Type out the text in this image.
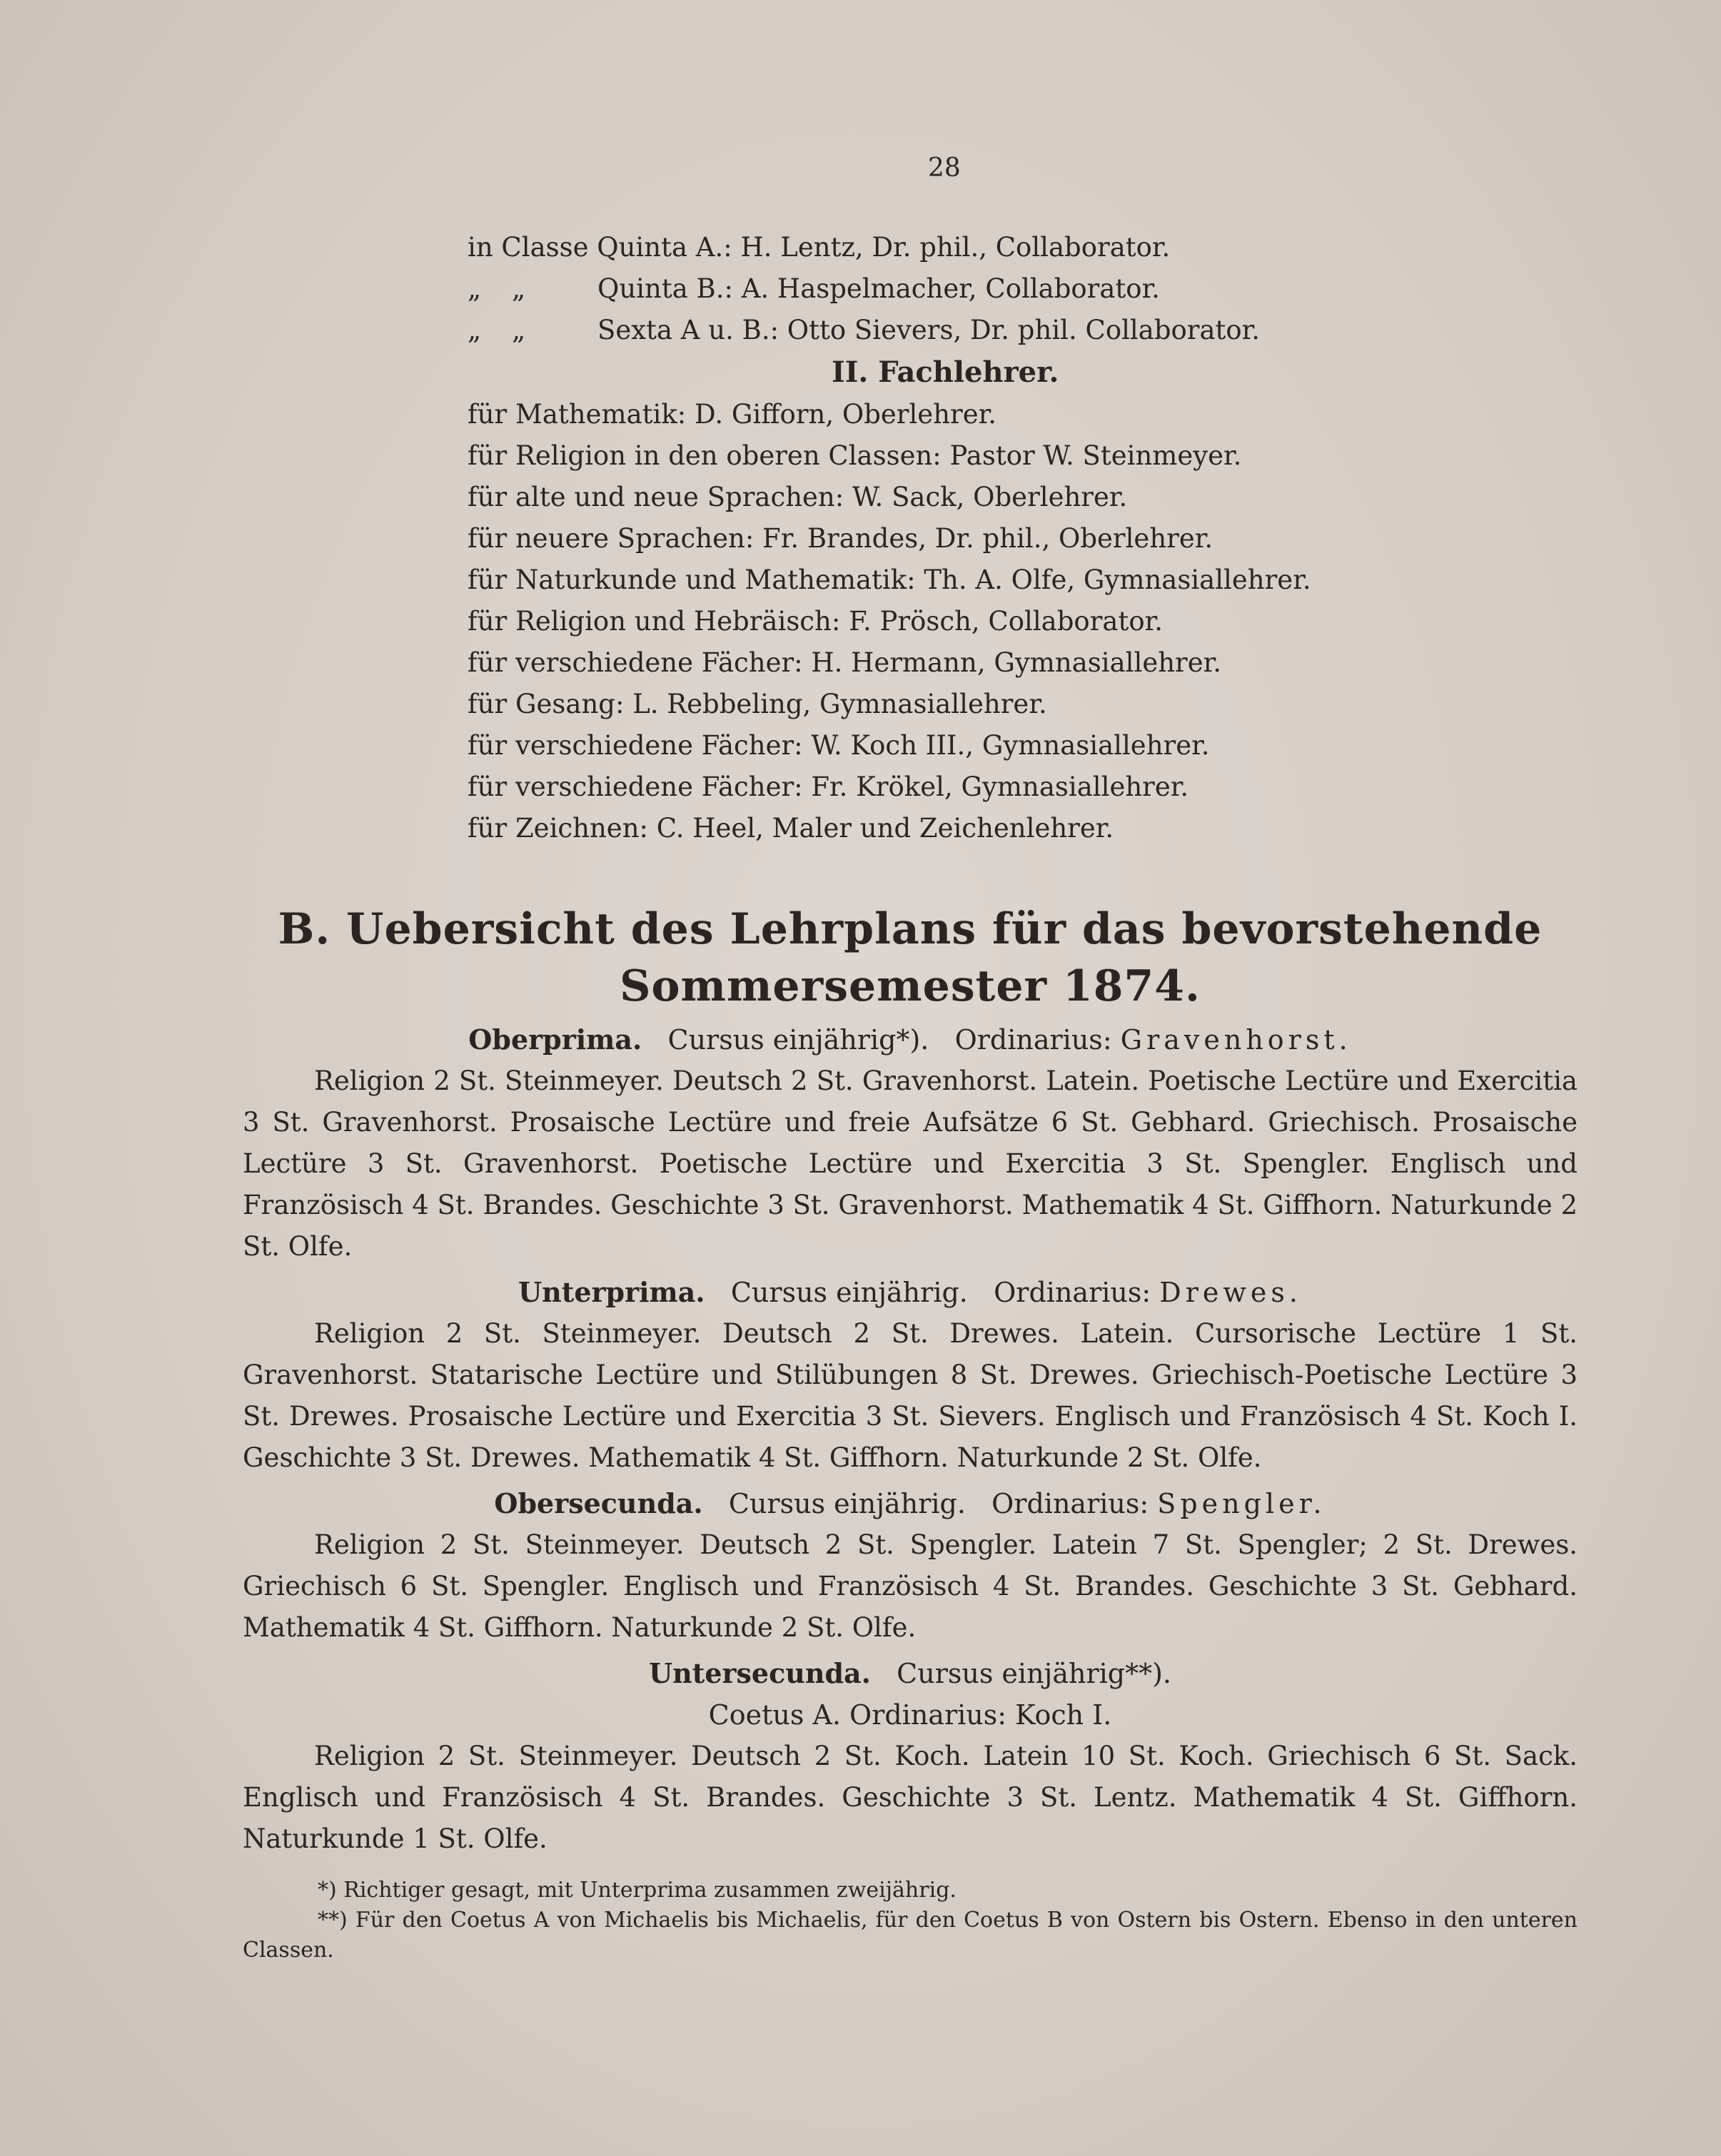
28
in Classe Quinta A.: H. Lentz, Dr. phil., Collaborator.
„ „	Quinta B.: A. Haspelmacher, Collaborator.
„ „	Sexta A u. B.: Otto Sievers, Dr. phil. Collaborator.
II. Fachlehrer.
für Mathematik: D. Gifforn, Oberlehrer.
für Religion in den oberen Classen: Pastor W. Steinmeyer.
für alte und neue Sprachen: W. Sack, Oberlehrer.
für neuere Sprachen: Fr. Brandes, Dr. phil., Oberlehrer.
für Naturkunde und Mathematik: Th. A. Olfe, Gymnasiallehrer.
für Religion und Hebräisch: F. Prösch, Collaborator.
für verschiedene Fächer: H. Hermann, Gymnasiallehrer.
für Gesang: L. Rebbeling, Gymnasiallehrer.
für verschiedene Fächer: W. Koch III., Gymnasiallehrer.
für verschiedene Fächer: Fr. Krökel, Gymnasiallehrer.
für Zeichnen: C. Heel, Maler und Zeichenlehrer.
B. Uebersicht des Lehrplans für das bevorstehende
Sommersemester 1874.
Oberprima. Cursus einjährig*). Ordinarius: Gravenhorst.

Religion 2 St. Steinmeyer. Deutsch 2 St. Gravenhorst. Latein. Poetische Lectüre und Exercitia 3 St. Gravenhorst. Prosaische Lectüre und freie Aufsätze 6 St. Gebhard. Griechisch. Prosaische Lectüre 3 St. Gravenhorst. Poetische Lectüre und Exercitia 3 St. Spengler. Englisch und Französisch 4 St. Brandes. Geschichte 3 St. Gravenhorst. Mathematik 4 St. Giffhorn. Naturkunde 2 St. Olfe.

Unterprima. Cursus einjährig. Ordinarius: Drewes.

Religion 2 St. Steinmeyer. Deutsch 2 St. Drewes. Latein. Cursorische Lectüre 1 St. Gravenhorst. Statarische Lectüre und Stilübungen 8 St. Drewes. Griechisch-Poetische Lectüre 3 St. Drewes. Prosaische Lectüre und Exercitia 3 St. Sievers. Englisch und Französisch 4 St. Koch I. Geschichte 3 St. Drewes. Mathematik 4 St. Giffhorn. Naturkunde 2 St. Olfe.

Obersecunda. Cursus einjährig. Ordinarius: Spengler.

Religion 2 St. Steinmeyer. Deutsch 2 St. Spengler. Latein 7 St. Spengler; 2 St. Drewes. Griechisch 6 St. Spengler. Englisch und Französisch 4 St. Brandes. Geschichte 3 St. Gebhard. Mathematik 4 St. Giffhorn. Naturkunde 2 St. Olfe.

Untersecunda. Cursus einjährig**).
Coetus A. Ordinarius: Koch I.

Religion 2 St. Steinmeyer. Deutsch 2 St. Koch. Latein 10 St. Koch. Griechisch 6 St. Sack. Englisch und Französisch 4 St. Brandes. Geschichte 3 St. Lentz. Mathematik 4 St. Giffhorn. Naturkunde 1 St. Olfe.

*) Richtiger gesagt, mit Unterprima zusammen zweijährig.

**) Für den Coetus A von Michaelis bis Michaelis, für den Coetus B von Ostern bis Ostern. Ebenso in den unteren Classen.
